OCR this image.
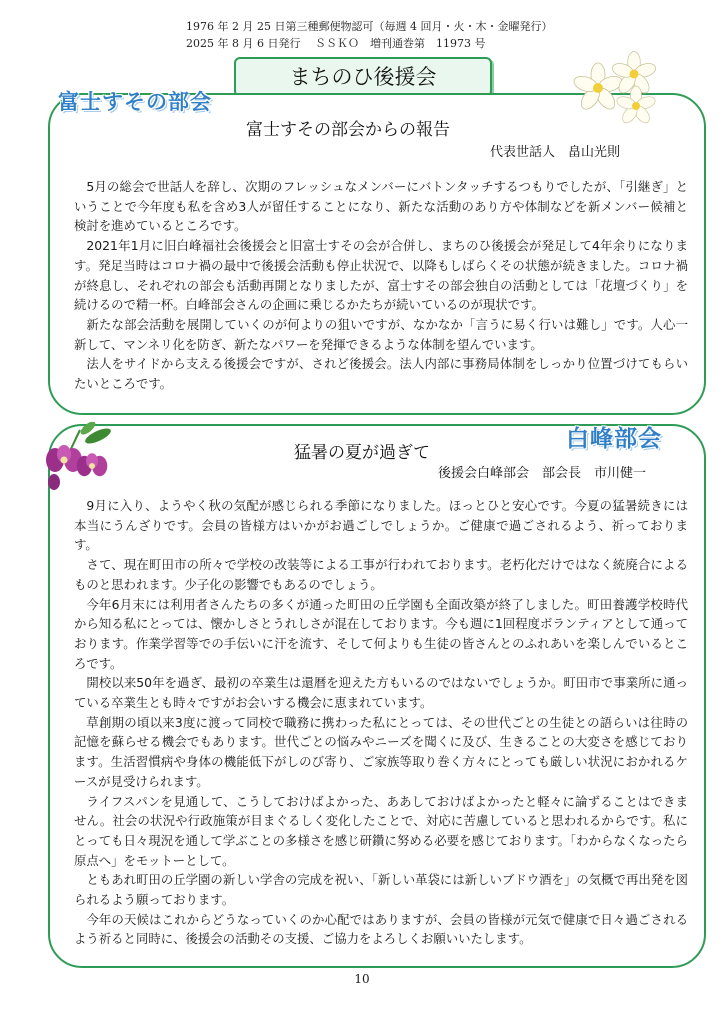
1976 年 2 月 25 日第三種郵便物認可（毎週 4 回月・火・木・金曜発行）
2025 年 8 月 6 日発行　 ＳＳＫＯ　増刊通巻第　11973 号
まちのひ後援会
富士すその部会
富士すその部会からの報告
代表世話人　畠山光則

5月の総会で世話人を辞し、次期のフレッシュなメンバーにバトンタッチするつもりでしたが、「引継ぎ」ということで今年度も私を含め3人が留任することになり、新たな活動のあり方や体制などを新メンバー候補と検討を進めているところです。

2021年1月に旧白峰福社会後援会と旧富士すその会が合併し、まちのひ後援会が発足して4年余りになります。発足当時はコロナ禍の最中で後援会活動も停止状況で、以降もしばらくその状態が続きました。コロナ禍が終息し、それぞれの部会も活動再開となりましたが、富士すその部会独自の活動としては「花壇づくり」を続けるので精一杯。白峰部会さんの企画に乗じるかたちが続いているのが現状です。

新たな部会活動を展開していくのが何よりの狙いですが、なかなか「言うに易く行いは難し」です。人心一新して、マンネリ化を防ぎ、新たなパワーを発揮できるような体制を望んでいます。

法人をサイドから支える後援会ですが、されど後援会。法人内部に事務局体制をしっかり位置づけてもらいたいところです。

白峰部会
猛暑の夏が過ぎて
後援会白峰部会　部会長　市川健一

9月に入り、ようやく秋の気配が感じられる季節になりました。ほっとひと安心です。今夏の猛暑続きには本当にうんざりです。会員の皆様方はいかがお過ごしでしょうか。ご健康で過ごされるよう、祈っております。

さて、現在町田市の所々で学校の改装等による工事が行われております。老朽化だけではなく統廃合によるものと思われます。少子化の影響でもあるのでしょう。

今年6月末には利用者さんたちの多くが通った町田の丘学園も全面改築が終了しました。町田養護学校時代から知る私にとっては、懐かしさとうれしさが混在しております。今も週に1回程度ボランティアとして通っております。作業学習等での手伝いに汗を流す、そして何よりも生徒の皆さんとのふれあいを楽しんでいるところです。

開校以来50年を過ぎ、最初の卒業生は還暦を迎えた方もいるのではないでしょうか。町田市で事業所に通っている卒業生とも時々ですがお会いする機会に恵まれています。

草創期の頃以来3度に渡って同校で職務に携わった私にとっては、その世代ごとの生徒との語らいは往時の記憶を蘇らせる機会でもあります。世代ごとの悩みやニーズを聞くに及び、生きることの大変さを感じております。生活習慣病や身体の機能低下がしのび寄り、ご家族等取り巻く方々にとっても厳しい状況におかれるケースが見受けられます。

ライフスパンを見通して、こうしておけばよかった、ああしておけばよかったと軽々に論ずることはできません。社会の状況や行政施策が目まぐるしく変化したことで、対応に苦慮していると思われるからです。私にとっても日々現況を通して学ぶことの多様さを感じ研鑽に努める必要を感じております。「わからなくなったら原点へ」をモットーとして。

ともあれ町田の丘学園の新しい学舎の完成を祝い、「新しい革袋には新しいブドウ酒を」の気概で再出発を図られるよう願っております。

今年の天候はこれからどうなっていくのか心配ではありますが、会員の皆様が元気で健康で日々過ごされるよう祈ると同時に、後援会の活動その支援、ご協力をよろしくお願いいたします。

10
